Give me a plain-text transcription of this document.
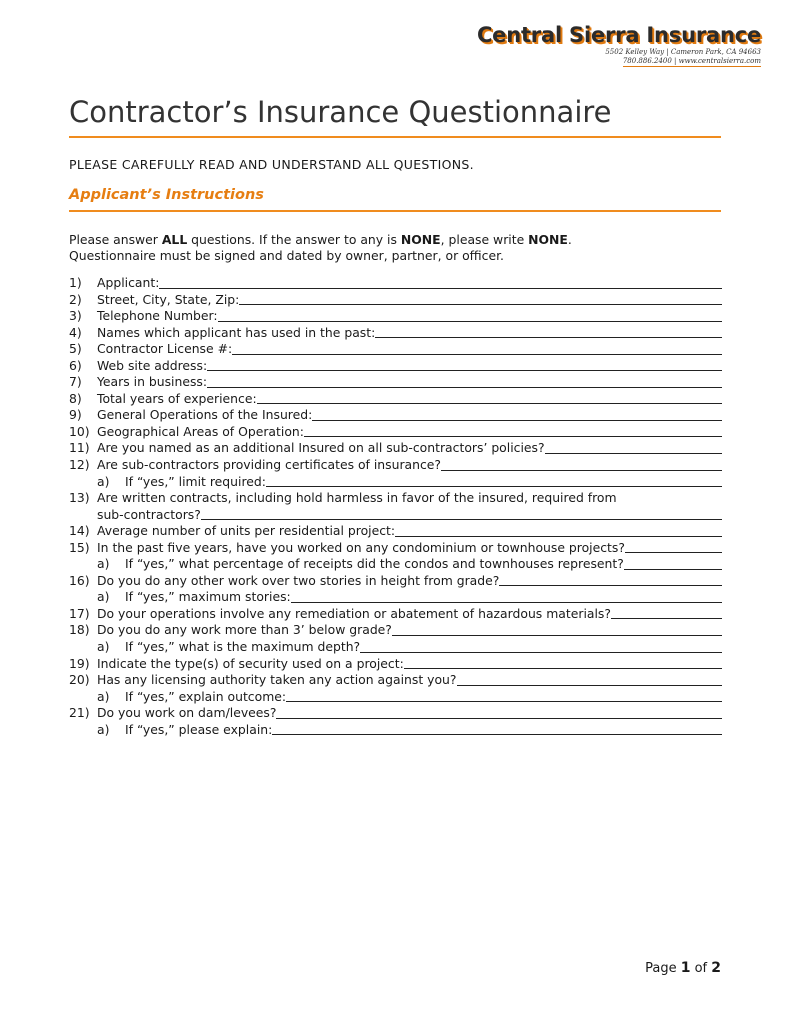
Central Sierra Insurance
5502 Kelley Way | Cameron Park, CA 94663
780.886.2400 | www.centralsierra.com
Contractor’s Insurance Questionnaire
PLEASE CAREFULLY READ AND UNDERSTAND ALL QUESTIONS.
Applicant’s Instructions
Please answer ALL questions. If the answer to any is NONE, please write NONE.
Questionnaire must be signed and dated by owner, partner, or officer.
1)	Applicant:
2)	Street, City, State, Zip:
3)	Telephone Number:
4)	Names which applicant has used in the past:
5)	Contractor License #:
6)	Web site address:
7)	Years in business:
8)	Total years of experience:
9)	General Operations of the Insured:
10) Geographical Areas of Operation:
11) Are you named as an additional Insured on all sub-contractors’ policies?
12) Are sub-contractors providing certificates of insurance?
a)	If “yes,” limit required:
13) Are written contracts, including hold harmless in favor of the insured, required from
sub-contractors?
14) Average number of units per residential project:
15) In the past five years, have you worked on any condominium or townhouse projects?
a)	If “yes,” what percentage of receipts did the condos and townhouses represent?
16) Do you do any other work over two stories in height from grade?
a)	If “yes,” maximum stories:
17) Do your operations involve any remediation or abatement of hazardous materials?
18) Do you do any work more than 3’ below grade?
a)	If “yes,” what is the maximum depth?
19) Indicate the type(s) of security used on a project:
20) Has any licensing authority taken any action against you?
a)	If “yes,” explain outcome:
21) Do you work on dam/levees?
a)	If “yes,” please explain:
Page 1 of 2
